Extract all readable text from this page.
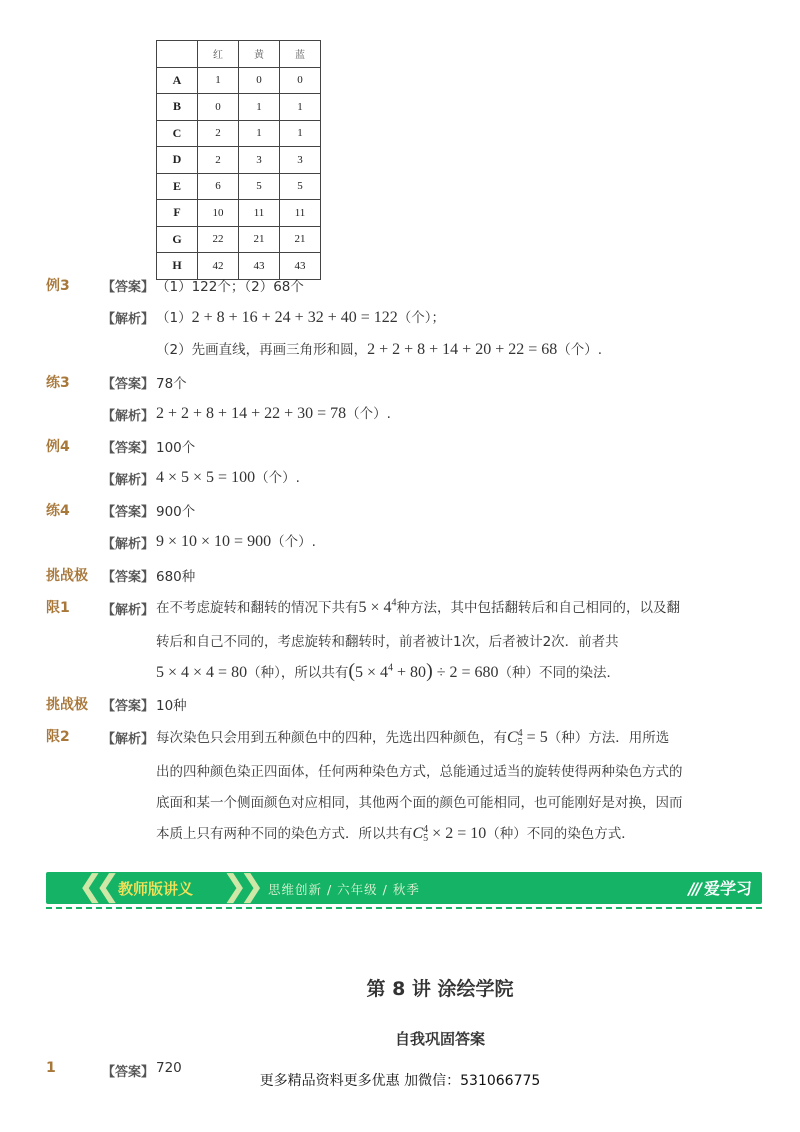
	红	黄	蓝
A	1	0	0
B	0	1	1
C	2	1	1
D	2	3	3
E	6	5	5
F	10	11	11
G	22	21	21
H	42	43	43
例3 【答案】 （1）122个；（2）68个
【解析】 （1）2 + 8 + 16 + 24 + 32 + 40 = 122（个）；
（2）先画直线，再画三角形和圆，2 + 2 + 8 + 14 + 20 + 22 = 68（个）.
练3 【答案】 78个
【解析】 2 + 2 + 8 + 14 + 22 + 30 = 78（个）.
例4 【答案】 100个
【解析】 4 × 5 × 5 = 100（个）.
练4 【答案】 900个
【解析】 9 × 10 × 10 = 900（个）.
挑战极 【答案】 680种
限1 【解析】 在不考虑旋转和翻转的情况下共有$5 \times 4^4$种方法，其中包括翻转后和自己相同的，以及翻
转后和自己不同的，考虑旋转和翻转时，前者被计1次，后者被计2次．前者共
5 × 4 × 4 = 80（种），所以共有$(5 \times 4^4 + 80) \div 2 = 680$（种）不同的染法．
挑战极 【答案】 10种
限2 【解析】 每次染色只会用到五种颜色中的四种，先选出四种颜色，有C4
5 = 5（种）方法．用所选
出的四种颜色染正四面体，任何两种染色方式，总能通过适当的旋转使得两种染色方式的
底面和某一个侧面颜色对应相同，其他两个面的颜色可能相同，也可能刚好是对换，因而
本质上只有两种不同的染色方式．所以共有C4
5 × 2 = 10（种）不同的染色方式．
❮❮ 教师版讲义 ❯❯ 思维创新 / 六年级 / 秋季	/// 爱学习
第 8 讲 涂绘学院
自我巩固答案
1	【答案】 720
更多精品资料更多优惠 加微信：531066775
